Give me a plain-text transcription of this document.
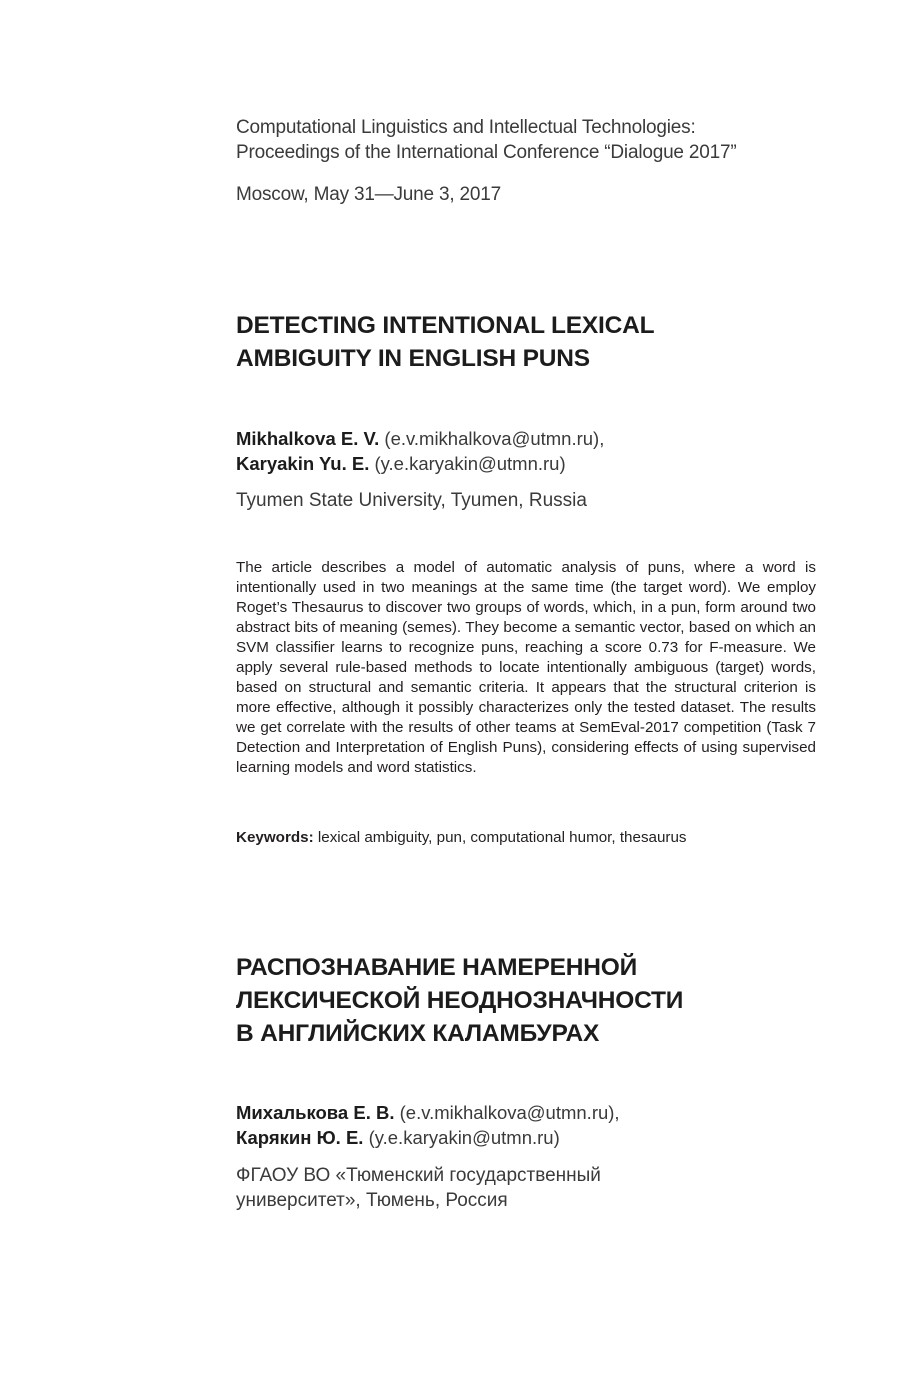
Computational Linguistics and Intellectual Technologies:
Proceedings of the International Conference “Dialogue 2017”
Moscow, May 31—June 3, 2017
DETECTING INTENTIONAL LEXICAL
AMBIGUITY IN ENGLISH PUNS
Mikhalkova E. V. (e.v.mikhalkova@utmn.ru),
Karyakin Yu. E. (y.e.karyakin@utmn.ru)
Tyumen State University, Tyumen, Russia
The article describes a model of automatic analysis of puns, where a word is intentionally used in two meanings at the same time (the target word). We employ Roget’s Thesaurus to discover two groups of words, which, in a pun, form around two abstract bits of meaning (semes). They become a semantic vector, based on which an SVM classifier learns to recognize puns, reaching a score 0.73 for F-measure. We apply several rule-based methods to locate intentionally ambiguous (target) words, based on structural and semantic criteria. It appears that the structural criterion is more effective, although it possibly characterizes only the tested dataset. The results we get correlate with the results of other teams at SemEval-2017 competition (Task 7 Detection and Interpretation of English Puns), considering effects of using supervised learning models and word statistics.
Keywords: lexical ambiguity, pun, computational humor, thesaurus
РАСПОЗНАВАНИЕ НАМЕРЕННОЙ
ЛЕКСИЧЕСКОЙ НЕОДНОЗНАЧНОСТИ
В АНГЛИЙСКИХ КАЛАМБУРАХ
Михалькова Е. В. (e.v.mikhalkova@utmn.ru),
Карякин Ю. Е. (y.e.karyakin@utmn.ru)
ФГАОУ ВО «Тюменский государственный
университет», Тюмень, Россия
